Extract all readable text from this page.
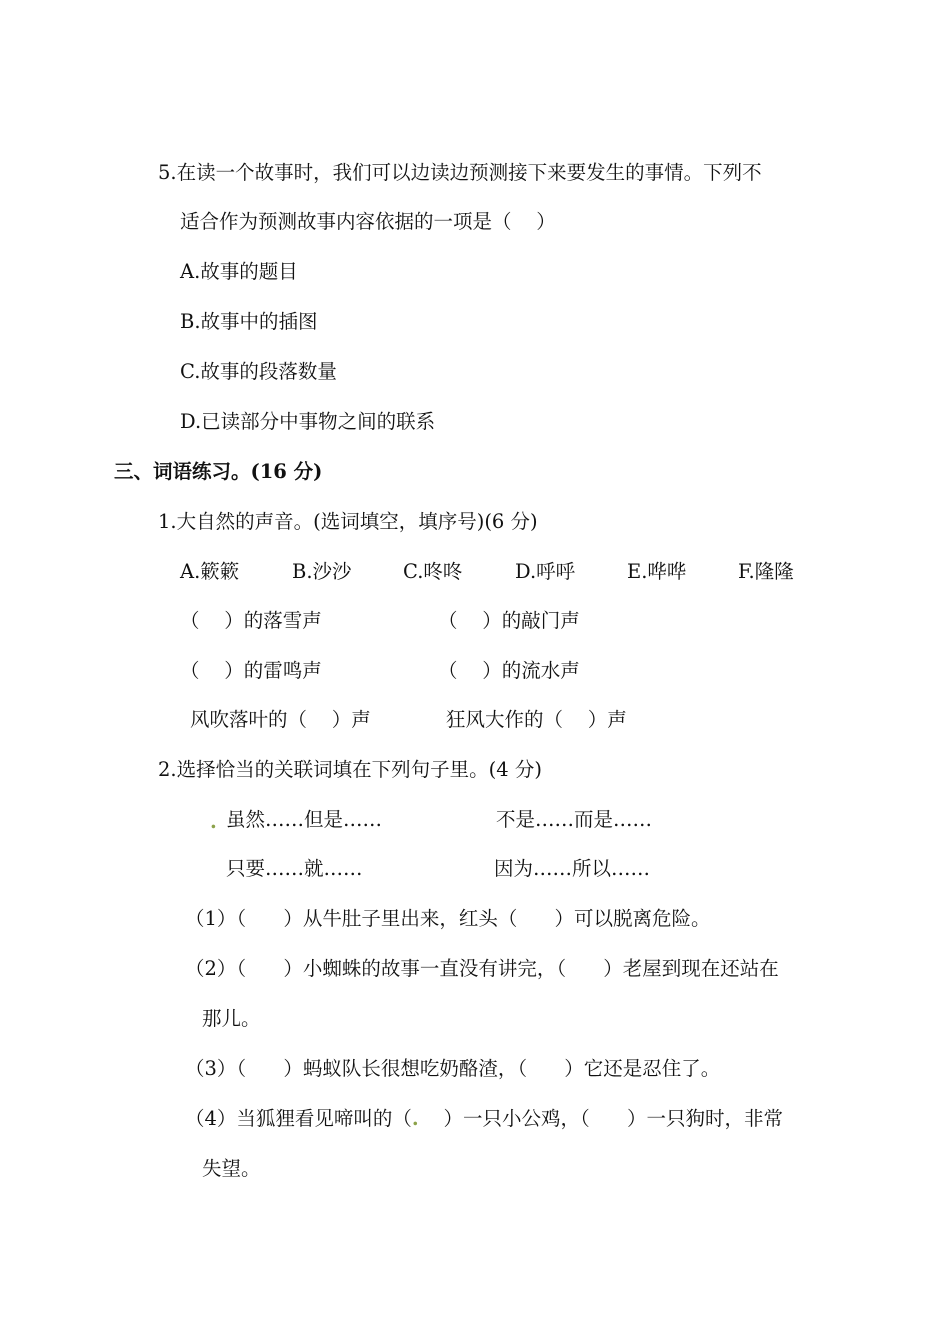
5.在读一个故事时，我们可以边读边预测接下来要发生的事情。下列不
适合作为预测故事内容依据的一项是（    ）
A.故事的题目
B.故事中的插图
C.故事的段落数量
D.已读部分中事物之间的联系
三、词语练习。(16 分)
1.大自然的声音。(选词填空，填序号)(6 分)
A.簌簌	B.沙沙	C.咚咚	D.呼呼	E.哗哗	F.隆隆
（    ）的落雪声	（    ）的敲门声
（    ）的雷鸣声	（    ）的流水声
风吹落叶的（    ）声	狂风大作的（    ）声
2.选择恰当的关联词填在下列句子里。(4 分)
. 虽然……但是……	不是……而是……
只要……就……	因为……所以……
（1）（      ）从牛肚子里出来，红头（      ）可以脱离危险。
（2）（      ）小蜘蛛的故事一直没有讲完，（      ）老屋到现在还站在
那儿。
（3）（      ）蚂蚁队长很想吃奶酪渣，（      ）它还是忍住了。
（4）当狐狸看见啼叫的（.    ）一只小公鸡，（      ）一只狗时，非常
失望。
